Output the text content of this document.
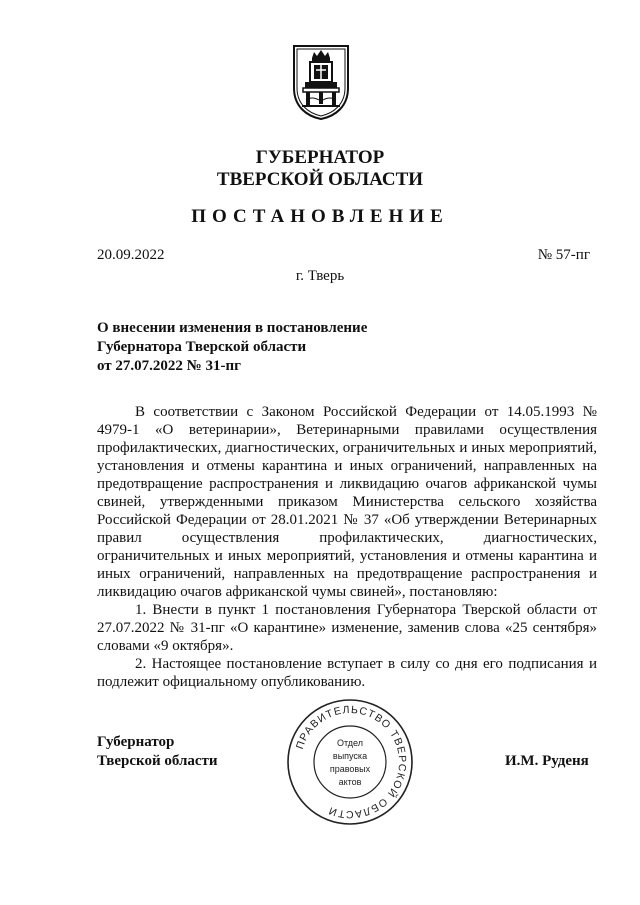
ГУБЕРНАТОР
ТВЕРСКОЙ ОБЛАСТИ
ПОСТАНОВЛЕНИЕ
20.09.2022	№ 57-пг
г. Тверь
О внесении изменения в постановление
Губернатора Тверской области
от 27.07.2022 № 31-пг

В соответствии с Законом Российской Федерации от 14.05.1993 № 4979-1 «О ветеринарии», Ветеринарными правилами осуществления профилактических, диагностических, ограничительных и иных мероприятий, установления и отмены карантина и иных ограничений, направленных на предотвращение распространения и ликвидацию очагов африканской чумы свиней, утвержденными приказом Министерства сельского хозяйства Российской Федерации от 28.01.2021 № 37 «Об утверждении Ветеринарных правил осуществления профилактических, диагностических, ограничительных и иных мероприятий, установления и отмены карантина и иных ограничений, направленных на предотвращение распространения и ликвидацию очагов африканской чумы свиней», постановляю:

1. Внести в пункт 1 постановления Губернатора Тверской области от 27.07.2022 № 31-пг «О карантине» изменение, заменив слова «25 сентября» словами «9 октября».

2. Настоящее постановление вступает в силу со дня его подписания и подлежит официальному опубликованию.

Губернатор
Тверской области	И.М. Руденя
ПРАВИТЕЛЬСТВО ТВЕРСКОЙ ОБЛАСТИ
Отдел
выпуска
правовых
актов
